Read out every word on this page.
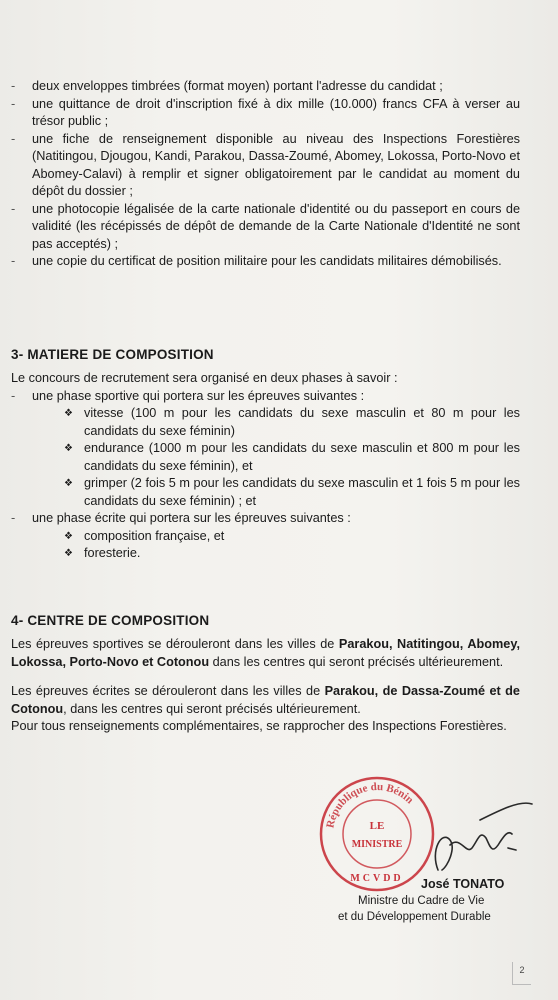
- deux enveloppes timbrées (format moyen) portant l'adresse du candidat ;
- une quittance de droit d'inscription fixé à dix mille (10.000) francs CFA à verser au trésor public ;
- une fiche de renseignement disponible au niveau des Inspections Forestières (Natitingou, Djougou, Kandi, Parakou, Dassa-Zoumé, Abomey, Lokossa, Porto-Novo et Abomey-Calavi) à remplir et signer obligatoirement par le candidat au moment du dépôt du dossier ;
- une photocopie légalisée de la carte nationale d'identité ou du passeport en cours de validité (les récépissés de dépôt de demande de la Carte Nationale d'Identité ne sont pas acceptés) ;
- une copie du certificat de position militaire pour les candidats militaires démobilisés.
3- MATIERE DE COMPOSITION
Le concours de recrutement sera organisé en deux phases à savoir :
- une phase sportive qui portera sur les épreuves suivantes :
❖ vitesse (100 m pour les candidats du sexe masculin et 80 m pour les candidats du sexe féminin)
❖ endurance (1000 m pour les candidats du sexe masculin et 800 m pour les candidats du sexe féminin), et
❖ grimper (2 fois 5 m pour les candidats du sexe masculin et 1 fois 5 m pour les candidats du sexe féminin) ; et
- une phase écrite qui portera sur les épreuves suivantes :
❖ composition française, et
❖ foresterie.
4- CENTRE DE COMPOSITION
Les épreuves sportives se dérouleront dans les villes de Parakou, Natitingou, Abomey, Lokossa, Porto-Novo et Cotonou dans les centres qui seront précisés ultérieurement.
Les épreuves écrites se dérouleront dans les villes de Parakou, de Dassa-Zoumé et de Cotonou, dans les centres qui seront précisés ultérieurement.
Pour tous renseignements complémentaires, se rapprocher des Inspections Forestières.
République du Bénin
LE
MINISTRE
MCVDD José TONATO
Ministre du Cadre de Vie
et du Développement Durable
2
